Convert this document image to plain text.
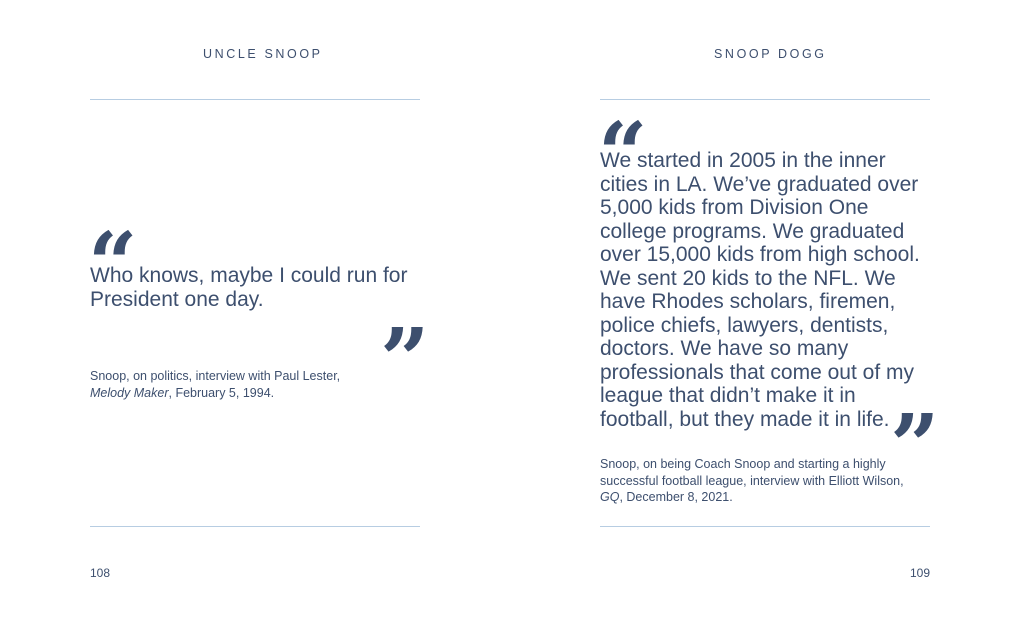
UNCLE SNOOP
“
Who knows, maybe I could run for President one day.
”
Snoop, on politics, interview with Paul Lester,
Melody Maker, February 5, 1994.
108
SNOOP DOGG
“
We started in 2005 in the inner cities in LA. We’ve graduated over 5,000 kids from Division One college programs. We graduated over 15,000 kids from high school. We sent 20 kids to the NFL. We have Rhodes scholars, firemen, police chiefs, lawyers, dentists, doctors. We have so many professionals that come out of my league that didn’t make it in football, but they made it in life. ”
Snoop, on being Coach Snoop and starting a highly successful football league, interview with Elliott Wilson,
GQ, December 8, 2021.
109
